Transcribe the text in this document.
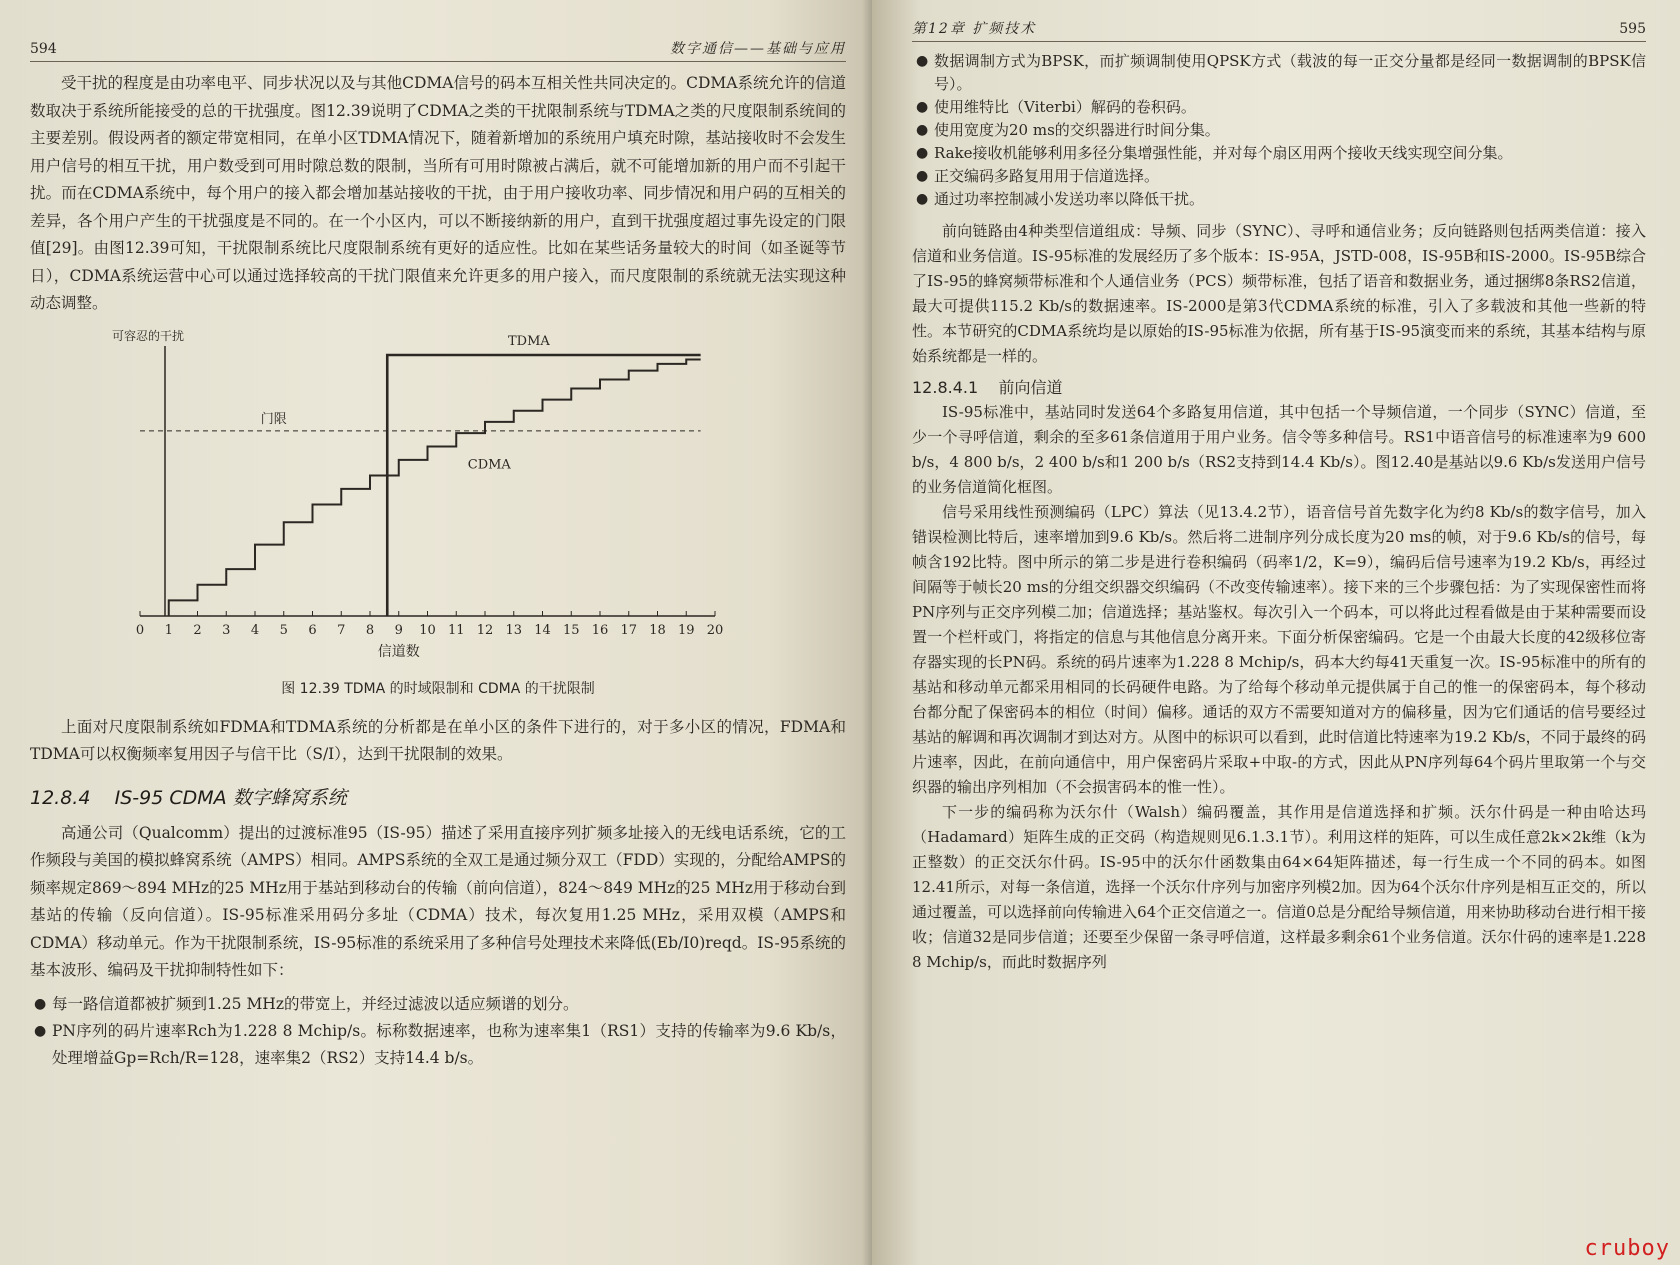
594	数字通信——基础与应用

受干扰的程度是由功率电平、同步状况以及与其他CDMA信号的码本互相关性共同决定的。CDMA系统允许的信道数取决于系统所能接受的总的干扰强度。图12.39说明了CDMA之类的干扰限制系统与TDMA之类的尺度限制系统间的主要差别。假设两者的额定带宽相同，在单小区TDMA情况下，随着新增加的系统用户填充时隙，基站接收时不会发生用户信号的相互干扰，用户数受到可用时隙总数的限制，当所有可用时隙被占满后，就不可能增加新的用户而不引起干扰。而在CDMA系统中，每个用户的接入都会增加基站接收的干扰，由于用户接收功率、同步情况和用户码的互相关的差异，各个用户产生的干扰强度是不同的。在一个小区内，可以不断接纳新的用户，直到干扰强度超过事先设定的门限值[29]。由图12.39可知，干扰限制系统比尺度限制系统有更好的适应性。比如在某些话务量较大的时间（如圣诞等节日），CDMA系统运营中心可以通过选择较高的干扰门限值来允许更多的用户接入，而尺度限制的系统就无法实现这种动态调整。

0 1 2 3 4 5 6 7 8 9 10 11 12 13 14 15 16 17 18 19 20
信道数
可容忍的干扰	TDMA
CDMA
门限
图 12.39 TDMA 的时域限制和 CDMA 的干扰限制

上面对尺度限制系统如FDMA和TDMA系统的分析都是在单小区的条件下进行的，对于多小区的情况，FDMA和TDMA可以权衡频率复用因子与信干比（S/I），达到干扰限制的效果。

12.8.4 IS-95 CDMA 数字蜂窝系统

高通公司（Qualcomm）提出的过渡标准95（IS-95）描述了采用直接序列扩频多址接入的无线电话系统，它的工作频段与美国的模拟蜂窝系统（AMPS）相同。AMPS系统的全双工是通过频分双工（FDD）实现的，分配给AMPS的频率规定869～894 MHz的25 MHz用于基站到移动台的传输（前向信道），824～849 MHz的25 MHz用于移动台到基站的传输（反向信道）。IS-95标准采用码分多址（CDMA）技术，每次复用1.25 MHz，采用双模（AMPS和CDMA）移动单元。作为干扰限制系统，IS-95标准的系统采用了多种信号处理技术来降低(Eb/I0)reqd。IS-95系统的基本波形、编码及干扰抑制特性如下：

● 每一路信道都被扩频到1.25 MHz的带宽上，并经过滤波以适应频谱的划分。
● PN序列的码片速率Rch为1.228 8 Mchip/s。标称数据速率，也称为速率集1（RS1）支持的传输率为9.6 Kb/s，处理增益Gp=Rch/R=128，速率集2（RS2）支持14.4 b/s。
第12章 扩频技术	595
● 数据调制方式为BPSK，而扩频调制使用QPSK方式（载波的每一正交分量都是经同一数据调制的BPSK信号）。
● 使用维特比（Viterbi）解码的卷积码。
● 使用宽度为20 ms的交织器进行时间分集。
● Rake接收机能够利用多径分集增强性能，并对每个扇区用两个接收天线实现空间分集。
● 正交编码多路复用用于信道选择。
● 通过功率控制减小发送功率以降低干扰。

前向链路由4种类型信道组成：导频、同步（SYNC）、寻呼和通信业务；反向链路则包括两类信道：接入信道和业务信道。IS-95标准的发展经历了多个版本：IS-95A，JSTD-008，IS-95B和IS-2000。IS-95B综合了IS-95的蜂窝频带标准和个人通信业务（PCS）频带标准，包括了语音和数据业务，通过捆绑8条RS2信道，最大可提供115.2 Kb/s的数据速率。IS-2000是第3代CDMA系统的标准，引入了多载波和其他一些新的特性。本节研究的CDMA系统均是以原始的IS-95标准为依据，所有基于IS-95演变而来的系统，其基本结构与原始系统都是一样的。

12.8.4.1 前向信道

IS-95标准中，基站同时发送64个多路复用信道，其中包括一个导频信道，一个同步（SYNC）信道，至少一个寻呼信道，剩余的至多61条信道用于用户业务。信令等多种信号。RS1中语音信号的标准速率为9 600 b/s，4 800 b/s，2 400 b/s和1 200 b/s（RS2支持到14.4 Kb/s）。图12.40是基站以9.6 Kb/s发送用户信号的业务信道简化框图。

信号采用线性预测编码（LPC）算法（见13.4.2节），语音信号首先数字化为约8 Kb/s的数字信号，加入错误检测比特后，速率增加到9.6 Kb/s。然后将二进制序列分成长度为20 ms的帧，对于9.6 Kb/s的信号，每帧含192比特。图中所示的第二步是进行卷积编码（码率1/2，K=9），编码后信号速率为19.2 Kb/s，再经过间隔等于帧长20 ms的分组交织器交织编码（不改变传输速率）。接下来的三个步骤包括：为了实现保密性而将PN序列与正交序列模二加；信道选择；基站鉴权。每次引入一个码本，可以将此过程看做是由于某种需要而设置一个栏杆或门，将指定的信息与其他信息分离开来。下面分析保密编码。它是一个由最大长度的42级移位寄存器实现的长PN码。系统的码片速率为1.228 8 Mchip/s，码本大约每41天重复一次。IS-95标准中的所有的基站和移动单元都采用相同的长码硬件电路。为了给每个移动单元提供属于自己的惟一的保密码本，每个移动台都分配了保密码本的相位（时间）偏移。通话的双方不需要知道对方的偏移量，因为它们通话的信号要经过基站的解调和再次调制才到达对方。从图中的标识可以看到，此时信道比特速率为19.2 Kb/s，不同于最终的码片速率，因此，在前向通信中，用户保密码片采取+中取-的方式，因此从PN序列每64个码片里取第一个与交织器的输出序列相加（不会损害码本的惟一性）。

下一步的编码称为沃尔什（Walsh）编码覆盖，其作用是信道选择和扩频。沃尔什码是一种由哈达玛（Hadamard）矩阵生成的正交码（构造规则见6.1.3.1节）。利用这样的矩阵，可以生成任意2k×2k维（k为正整数）的正交沃尔什码。IS-95中的沃尔什函数集由64×64矩阵描述，每一行生成一个不同的码本。如图12.41所示，对每一条信道，选择一个沃尔什序列与加密序列模2加。因为64个沃尔什序列是相互正交的，所以通过覆盖，可以选择前向传输进入64个正交信道之一。信道0总是分配给导频信道，用来协助移动台进行相干接收；信道32是同步信道；还要至少保留一条寻呼信道，这样最多剩余61个业务信道。沃尔什码的速率是1.228 8 Mchip/s，而此时数据序列

cruboy
